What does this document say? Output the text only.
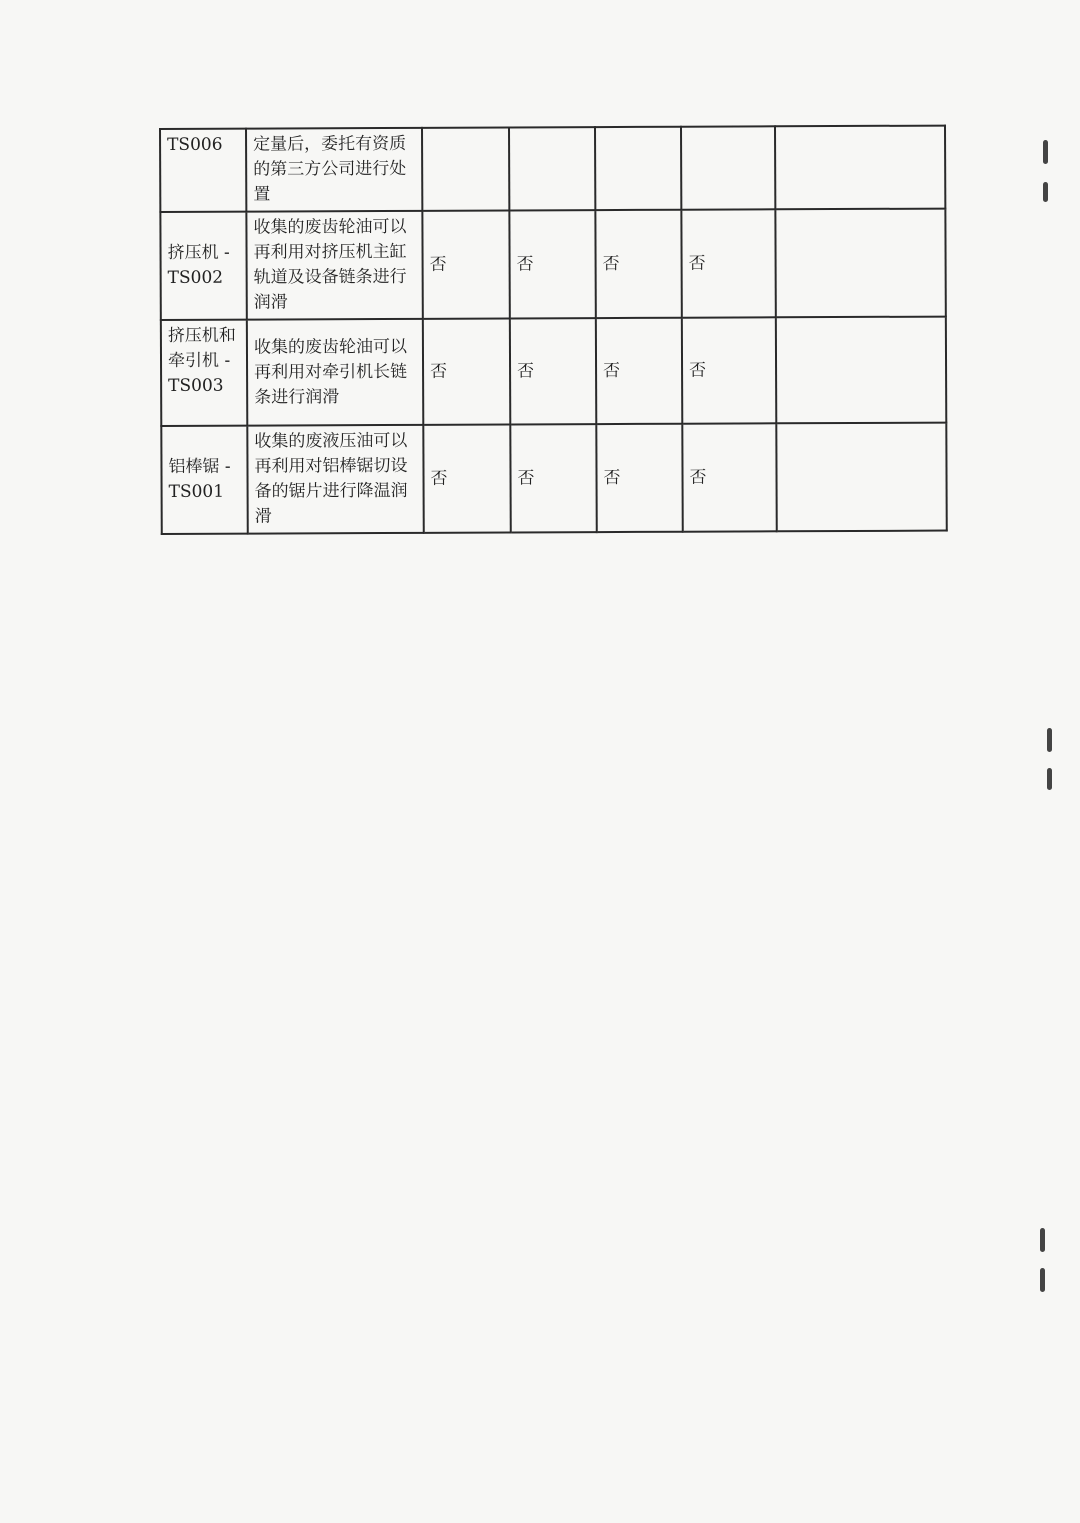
TS006	定量后，委托有资质的第三方公司进行处置					
挤压机 - TS002	收集的废齿轮油可以再利用对挤压机主缸轨道及设备链条进行润滑	否	否	否	否	
挤压机和牵引机 - TS003	收集的废齿轮油可以再利用对牵引机长链条进行润滑	否	否	否	否	
铝棒锯 - TS001	收集的废液压油可以再利用对铝棒锯切设备的锯片进行降温润滑	否	否	否	否	
